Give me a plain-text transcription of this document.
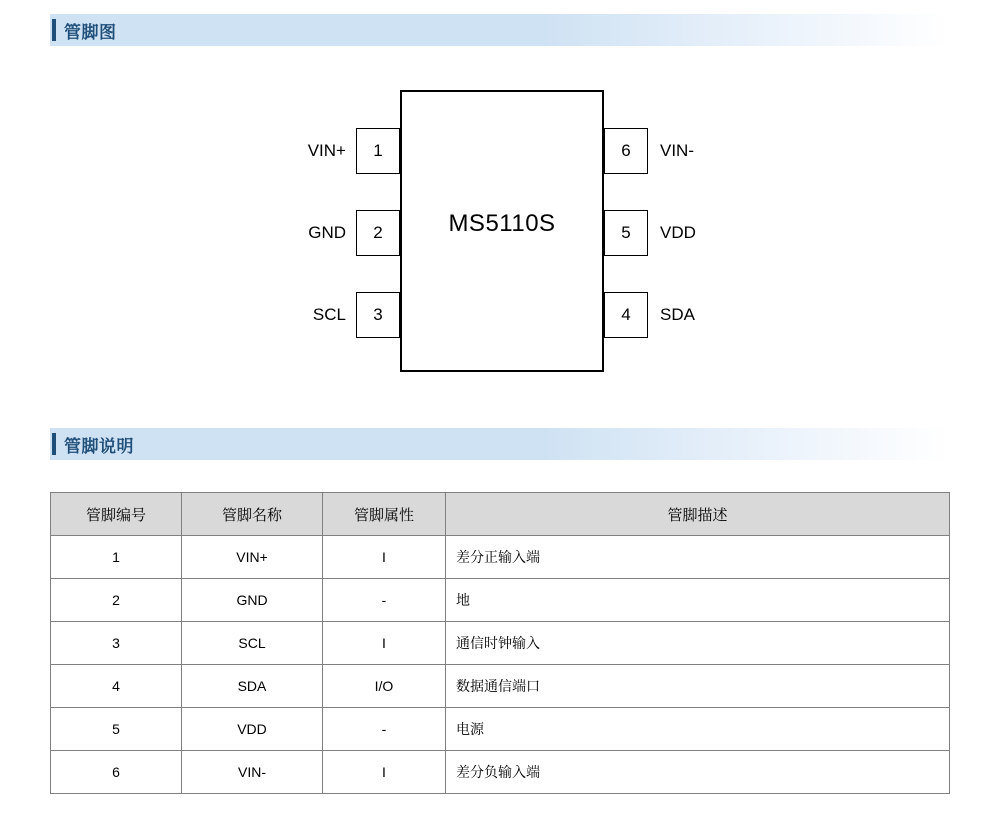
管脚图
MS5110S
VIN+	1
GND	2
SCL	3
6	VIN-
5	VDD
4	SDA
管脚说明
管脚编号	管脚名称	管脚属性	管脚描述
1	VIN+	I	差分正输入端
2	GND	-	地
3	SCL	I	通信时钟输入
4	SDA	I/O	数据通信端口
5	VDD	-	电源
6	VIN-	I	差分负输入端
